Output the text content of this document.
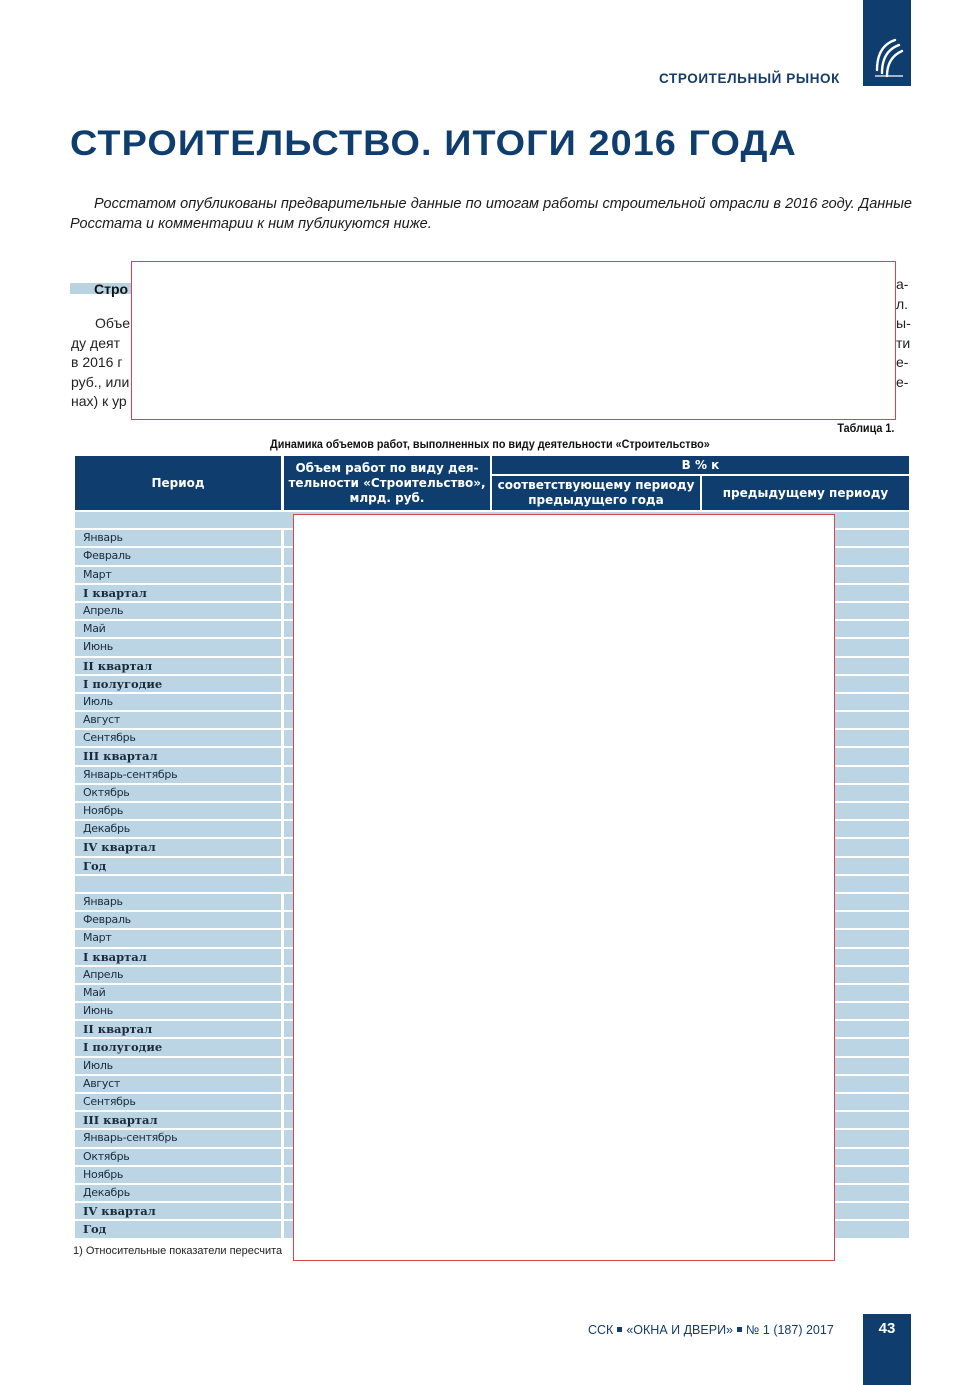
СТРОИТЕЛЬНЫЙ РЫНОК
СТРОИТЕЛЬСТВО. ИТОГИ 2016 ГОДА
Росстатом опубликованы предварительные данные по итогам работы строительной отрасли в 2016 году. Данные Росстата и комментарии к ним публикуются ниже.
Стро
Объе
ду деят
в 2016 г
руб., или
нах) к ур
а-
л.
ы-
ти
е-
е-
Таблица 1.
Динамика объемов работ, выполненных по виду деятельности «Строительство»
Период
Объем работ по виду дея-тельности «Строительство», млрд. руб.
В % к
соответствующему периоду предыдущего года
предыдущему периоду
Январь
Февраль
Март
I квартал
Апрель
Май
Июнь
II квартал
I полугодие
Июль
Август
Сентябрь
III квартал
Январь-сентябрь
Октябрь
Ноябрь
Декабрь
IV квартал
Год
Январь
Февраль
Март
I квартал
Апрель
Май
Июнь
II квартал
I полугодие
Июль
Август
Сентябрь
III квартал
Январь-сентябрь
Октябрь
Ноябрь
Декабрь
IV квартал
Год
1) Относительные показатели пересчита
ССК «ОКНА И ДВЕРИ» № 1 (187) 2017	43
